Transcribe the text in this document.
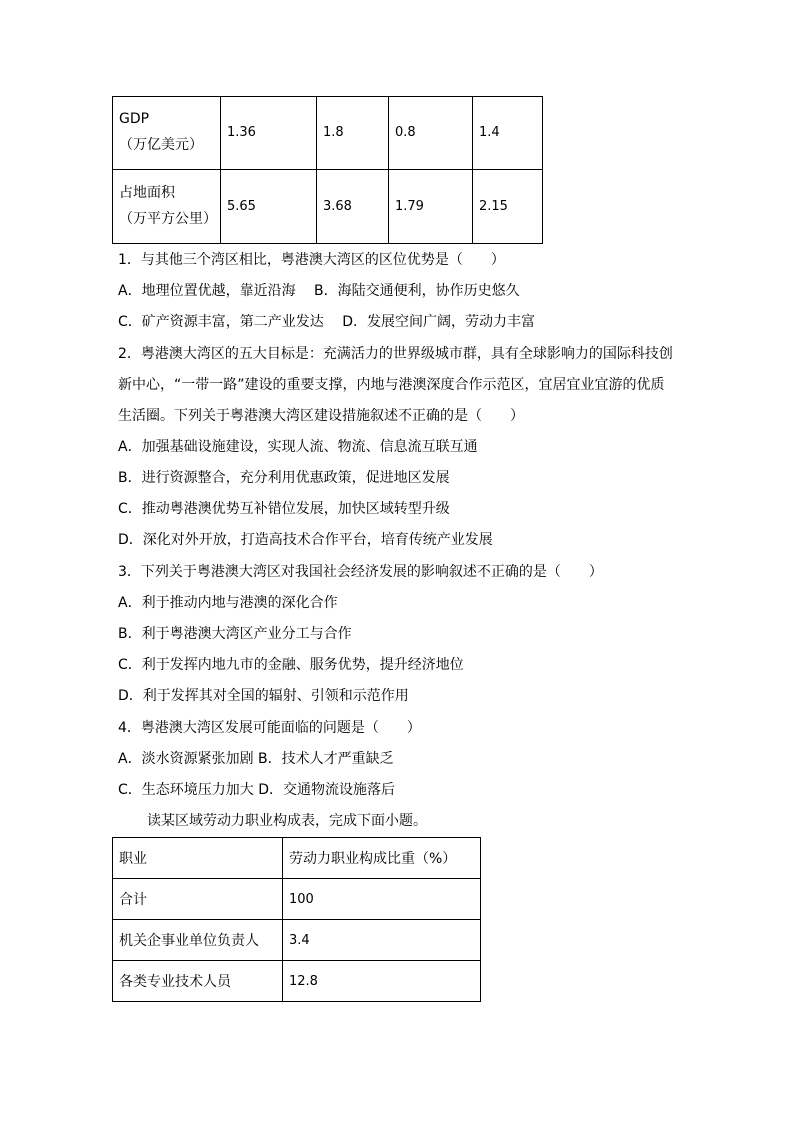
GDP
（万亿美元）	1.36	1.8	0.8	1.4

占地面积
（万平方公里）	5.65	3.68	1.79	2.15

1．与其他三个湾区相比，粤港澳大湾区的区位优势是（　　）

A．地理位置优越，靠近沿海　 B．海陆交通便利，协作历史悠久

C．矿产资源丰富，第二产业发达　 D．发展空间广阔，劳动力丰富

2．粤港澳大湾区的五大目标是：充满活力的世界级城市群，具有全球影响力的国际科技创

新中心，“一带一路”建设的重要支撑，内地与港澳深度合作示范区，宜居宜业宜游的优质

生活圈。下列关于粤港澳大湾区建设措施叙述不正确的是（　　）

A．加强基础设施建设，实现人流、物流、信息流互联互通

B．进行资源整合，充分利用优惠政策，促进地区发展

C．推动粤港澳优势互补错位发展，加快区域转型升级

D．深化对外开放，打造高技术合作平台，培育传统产业发展

3．下列关于粤港澳大湾区对我国社会经济发展的影响叙述不正确的是（　　）

A．利于推动内地与港澳的深化合作

B．利于粤港澳大湾区产业分工与合作

C．利于发挥内地九市的金融、服务优势，提升经济地位

D．利于发挥其对全国的辐射、引领和示范作用

4．粤港澳大湾区发展可能面临的问题是（　　）

A．淡水资源紧张加剧 B．技术人才严重缺乏

C．生态环境压力加大 D．交通物流设施落后

读某区域劳动力职业构成表，完成下面小题。

职业	劳动力职业构成比重（%）
合计	100
机关企事业单位负责人	3.4
各类专业技术人员	12.8
